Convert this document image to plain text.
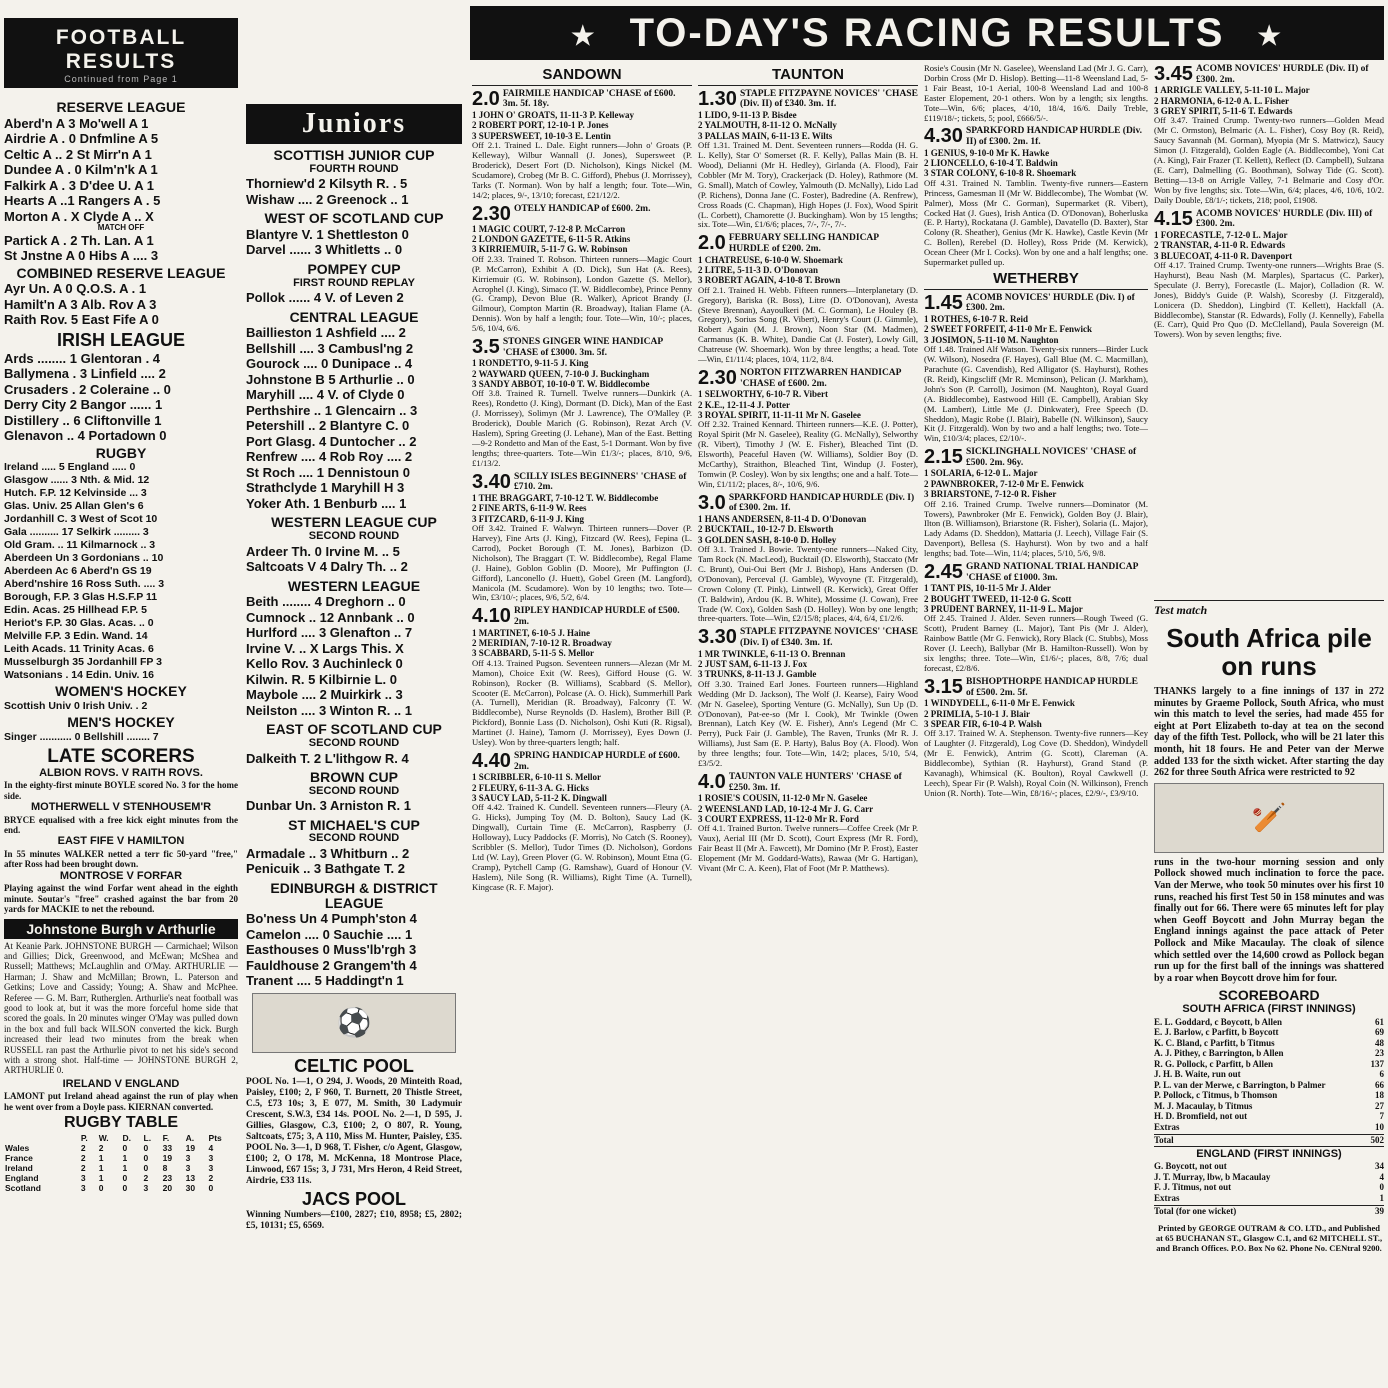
FOOTBALL RESULTS
Continued from Page 1
RESERVE LEAGUE
Aberd'n A 3 Mo'well A 1
Airdrie A . 0 Dnfmline A 5
Celtic A .. 2 St Mirr'n A 1
Dundee A . 0 Kilm'n'k A 1
Falkirk A . 3 D'dee U. A 1
Hearts A ..1 Rangers A . 5
Morton A . X Clyde A .. X
MATCH OFF
Partick A . 2 Th. Lan. A 1
St Jnstne A 0 Hibs A .... 3
COMBINED RESERVE LEAGUE
Ayr Un. A 0 Q.O.S. A . 1
Hamilt'n A 3 Alb. Rov A 3
Raith Rov. 5 East Fife A 0
IRISH LEAGUE
Ards ........ 1 Glentoran . 4
Ballymena . 3 Linfield .... 2
Crusaders . 2 Coleraine .. 0
Derry City 2 Bangor ...... 1
Distillery .. 6 Cliftonville 1
Glenavon .. 4 Portadown 0
RUGBY
Ireland ..... 5 England ..... 0
Glasgow ...... 3 Nth. & Mid. 12
Hutch. F.P. 12 Kelvinside ... 3
Glas. Univ. 25 Allan Glen's 6
Jordanhill C. 3 West of Scot 10
Gala .......... 17 Selkirk ......... 3
Old Gram. .. 11 Kilmarnock .. 3
Aberdeen Un 3 Gordonians .. 10
Aberdeen Ac 6 Aberd'n GS 19
Aberd'nshire 16 Ross Suth. .... 3
Borough, F.P. 3 Glas H.S.F.P 11
Edin. Acas. 25 Hillhead F.P. 5
Heriot's F.P. 30 Glas. Acas. .. 0
Melville F.P. 3 Edin. Wand. 14
Leith Acads. 11 Trinity Acas. 6
Musselburgh 35 Jordanhill FP 3
Watsonians . 14 Edin. Univ. 16
WOMEN'S HOCKEY
Scottish Univ 0 Irish Univ. . 2
MEN'S HOCKEY
Singer ........... 0 Bellshill ........ 7
LATE SCORERS
ALBION ROVS. V RAITH ROVS.
In the eighty-first minute BOYLE scored No. 3 for the home side.
MOTHERWELL V STENHOUSEM'R
BRYCE equalised with a free kick eight minutes from the end.
EAST FIFE V HAMILTON
In 55 minutes WALKER netted a terr fic 50-yard "free," after Ross had been brought down.
MONTROSE V FORFAR
Playing against the wind Forfar went ahead in the eighth minute. Soutar's "free" crashed against the bar from 20 yards for MACKIE to net the rebound.
Johnstone Burgh v Arthurlie
At Keanie Park. JOHNSTONE BURGH — Carmichael; Wilson and Gillies; Dick, Greenwood, and McEwan; McShea and Russell; Matthews; McLaughlin and O'May. ARTHURLIE — Harman; J. Shaw and McMillan; Brown, L. Paterson and Getkins; Love and Cassidy; Young; A. Shaw and McPhee. Referee — G. M. Barr, Rutherglen. Arthurlie's neat football was good to look at, but it was the more forceful home side that scored the goals. In 20 minutes winger O'May was pulled down in the box and full back WILSON converted the kick. Burgh increased their lead two minutes from the break when RUSSELL ran past the Arthurlie pivot to net his side's second with a strong shot. Half-time — JOHNSTONE BURGH 2, ARTHURLIE 0.
IRELAND V ENGLAND
LAMONT put Ireland ahead against the run of play when he went over from a Doyle pass. KIERNAN converted.
RUGBY TABLE
	P.	W.	D.	L.	F.	A.	Pts
Wales	2	2	0	0	33	19	4
France	2	1	1	0	19	3	3
Ireland	2	1	1	0	8	3	3
England	3	1	0	2	23	13	2
Scotland	3	0	0	3	20	30	0
Juniors
SCOTTISH JUNIOR CUP
FOURTH ROUND
Thorniew'd 2 Kilsyth R. . 5
Wishaw .... 2 Greenock .. 1
WEST OF SCOTLAND CUP
Blantyre V. 1 Shettleston 0
Darvel ...... 3 Whitletts .. 0
POMPEY CUP
FIRST ROUND REPLAY
Pollok ...... 4 V. of Leven 2
CENTRAL LEAGUE
Baillieston 1 Ashfield .... 2
Bellshill .... 3 Cambusl'ng 2
Gourock .... 0 Dunipace .. 4
Johnstone B 5 Arthurlie .. 0
Maryhill .... 4 V. of Clyde 0
Perthshire .. 1 Glencairn .. 3
Petershill .. 2 Blantyre C. 0
Port Glasg. 4 Duntocher .. 2
Renfrew .... 4 Rob Roy .... 2
St Roch .... 1 Dennistoun 0
Strathclyde 1 Maryhill H 3
Yoker Ath. 1 Benburb .... 1
WESTERN LEAGUE CUP
SECOND ROUND
Ardeer Th. 0 Irvine M. .. 5
Saltcoats V 4 Dalry Th. .. 2
WESTERN LEAGUE
Beith ........ 4 Dreghorn .. 0
Cumnock .. 12 Annbank .. 0
Hurlford .... 3 Glenafton .. 7
Irvine V. .. X Largs This. X
Kello Rov. 3 Auchinleck 0
Kilwin. R. 5 Kilbirnie L. 0
Maybole .... 2 Muirkirk .. 3
Neilston .... 3 Winton R. .. 1
EAST OF SCOTLAND CUP
SECOND ROUND
Dalkeith T. 2 L'lithgow R. 4
BROWN CUP
SECOND ROUND
Dunbar Un. 3 Arniston R. 1
ST MICHAEL'S CUP
SECOND ROUND
Armadale .. 3 Whitburn .. 2
Penicuik .. 3 Bathgate T. 2
EDINBURGH & DISTRICT LEAGUE
Bo'ness Un 4 Pumph'ston 4
Camelon .... 0 Sauchie .... 1
Easthouses 0 Muss'lb'rgh 3
Fauldhouse 2 Grangem'th 4
Tranent .... 5 Haddingt'n 1
⚽
CELTIC POOL
POOL No. 1—1, O 294, J. Woods, 20 Minteith Road, Paisley, £100; 2, F 960, T. Burnett, 20 Thistle Street, C.5, £73 10s; 3, E 077, M. Smith, 30 Ladymuir Crescent, S.W.3, £34 14s. POOL No. 2—1, D 595, J. Gillies, Glasgow, C.3, £100; 2, O 807, R. Young, Saltcoats, £75; 3, A 110, Miss M. Hunter, Paisley, £35. POOL No. 3—1, D 968, T. Fisher, c/o Agent, Glasgow, £100; 2, O 178, M. McKenna, 18 Montrose Place, Linwood, £67 15s; 3, J 731, Mrs Heron, 4 Reid Street, Airdrie, £33 11s.
JACS POOL
Winning Numbers—£100, 2827; £10, 8958; £5, 2802; £5, 10131; £5, 6569.
★ TO-DAY'S RACING RESULTS ★
SANDOWN
2.0 FAIRMILE HANDICAP 'CHASE of £600. 3m. 5f. 18y.
1 JOHN O' GROATS, 11-11-3 P. Kelleway
2 ROBERT PORT, 12-10-1 P. Jones
3 SUPERSWEET, 10-10-3 E. Lentin
Off 2.1. Trained L. Dale. Eight runners—John o' Groats (P. Kelleway), Wilbur Wannall (J. Jones), Supersweet (P. Broderick), Desert Fort (D. Nicholson), Kings Nickel (M. Scudamore), Crobeg (Mr B. C. Gifford), Phebus (J. Morrissey), Tarks (T. Norman). Won by half a length; four. Tote—Win, 14/2; places, 9/-, 13/10; forecast, £21/12/2.
2.30 OTELY HANDICAP of £600. 2m.
1 MAGIC COURT, 7-12-8 P. McCarron
2 LONDON GAZETTE, 6-11-5 R. Atkins
3 KIRRIEMUIR, 5-11-7 G. W. Robinson
Off 2.33. Trained T. Robson. Thirteen runners—Magic Court (P. McCarron), Exhibit A (D. Dick), Sun Hat (A. Rees), Kirriemuir (G. W. Robinson), London Gazette (S. Mellor), Acrophel (J. King), Simaco (T. W. Biddlecombe), Prince Penny (G. Cramp), Devon Blue (R. Walker), Apricot Brandy (J. Gilmour), Compton Martin (R. Broadway), Italian Flame (A. Dennis). Won by half a length; four. Tote—Win, 10/-; places, 5/6, 10/4, 6/6.
3.5 STONES GINGER WINE HANDICAP 'CHASE of £3000. 3m. 5f.
1 RONDETTO, 9-11-5 J. King
2 WAYWARD QUEEN, 7-10-0 J. Buckingham
3 SANDY ABBOT, 10-10-0 T. W. Biddlecombe
Off 3.8. Trained R. Turnell. Twelve runners—Dunkirk (A. Rees), Rondetto (J. King), Dormant (D. Dick), Man of the East (J. Morrissey), Solimyn (Mr J. Lawrence), The O'Malley (P. Broderick), Double Marich (G. Robinson), Rezat Arch (V. Haslem), Spring Greeting (J. Lehane), Man of the East. Betting—9-2 Rondetto and Man of the East, 5-1 Dormant. Won by five lengths; three-quarters. Tote—Win £1/3/-; places, 8/10, 9/6, £1/13/2.
3.40 SCILLY ISLES BEGINNERS' 'CHASE of £710. 2m.
1 THE BRAGGART, 7-10-12 T. W. Biddlecombe
2 FINE ARTS, 6-11-9 W. Rees
3 FITZCARD, 6-11-9 J. King
Off 3.42. Trained F. Walwyn. Thirteen runners—Dover (P. Harvey), Fine Arts (J. King), Fitzcard (W. Rees), Fepina (L. Carrod), Pocket Borough (T. M. Jones), Barbizon (D. Nicholson), The Braggart (T. W. Biddlecombe), Regal Flame (J. Haine), Goblon Goblin (D. Moore), Mr Puffington (J. Gifford), Lanconello (J. Huett), Gobel Green (M. Langford), Manicola (M. Scudamore). Won by 10 lengths; two. Tote—Win, £3/10/-; places, 9/6, 5/2, 6/4.
4.10 RIPLEY HANDICAP HURDLE of £500. 2m.
1 MARTINET, 6-10-5 J. Haine
2 MERIDIAN, 7-10-12 R. Broadway
3 SCABBARD, 5-11-5 S. Mellor
Off 4.13. Trained Pugson. Seventeen runners—Alezan (Mr M. Mamon), Choice Exit (W. Rees), Gifford House (G. W. Robinson), Rocker (B. Williams), Scabbard (S. Mellor), Scooter (E. McCarron), Polcase (A. O. Hick), Summerhill Park (A. Turnell), Meridian (R. Broadway), Falconry (T. W. Biddlecombe), Nurse Reynolds (D. Haslem), Brother Bill (P. Pickford), Bonnie Lass (D. Nicholson), Oshi Kuti (R. Rigsal), Martinet (J. Haine), Tamorn (J. Morrissey), Eyes Down (J. Usley). Won by three-quarters length; half.
4.40 SPRING HANDICAP HURDLE of £600. 2m.
1 SCRIBBLER, 6-10-11 S. Mellor
2 FLEURY, 6-11-3 A. G. Hicks
3 SAUCY LAD, 5-11-2 K. Dingwall
Off 4.42. Trained K. Cundell. Seventeen runners—Fleury (A. G. Hicks), Jumping Toy (M. D. Bolton), Saucy Lad (K. Dingwall), Curtain Time (E. McCarron), Raspberry (J. Holloway), Lucy Paddocks (F. Morris), No Catch (S. Rooney), Scribbler (S. Mellor), Tudor Times (D. Nicholson), Gordons Ltd (W. Lay), Green Plover (G. W. Robinson), Mount Etna (G. Cramp), Pytchell Camp (G. Ramshaw), Guard of Honour (V. Haslem), Nile Song (R. Williams), Right Time (A. Turnell), Kingcase (R. F. Major).
TAUNTON
1.30 STAPLE FITZPAYNE NOVICES' 'CHASE (Div. II) of £340. 3m. 1f.
1 LIDO, 9-11-13 P. Bisdee
2 YALMOUTH, 8-11-12 O. McNally
3 PALLAS MAIN, 6-11-13 E. Wilts
Off 1.31. Trained M. Dent. Seventeen runners—Rodda (H. G. L. Kelly), Star O' Somerset (R. F. Kelly), Pallas Main (B. H. Wood), Delianni (Mr H. Hedley), Girlanda (A. Flood), Fair Cobbler (Mr M. Tory), Crackerjack (D. Holey), Rathmore (M. G. Small), Match of Cowley, Yalmouth (D. McNally), Lido Lad (P. Richens), Donna Jane (C. Foster), Badredine (A. Renfrew), Cross Roads (C. Chapman), High Hopes (J. Fox), Wood Spirit (L. Corbett), Chamorette (J. Buckingham). Won by 15 lengths; six. Tote—Win, £1/6/6; places, 7/-, 7/-, 7/-.
2.0 FEBRUARY SELLING HANDICAP HURDLE of £200. 2m.
1 CHATREUSE, 6-10-0 W. Shoemark
2 LITRE, 5-11-3 D. O'Donovan
3 ROBERT AGAIN, 4-10-8 T. Brown
Off 2.1. Trained H. Webb. Fifteen runners—Interplanetary (D. Gregory), Bariska (R. Boss), Litre (D. O'Donovan), Avesta (Steve Brennan), Aayoulkeri (M. C. Gorman), Le Houley (B. Gregory), Sorius Song (R. Vibert), Henry's Court (J. Gimmle), Robert Again (M. J. Brown), Noon Star (M. Madmen), Carmanus (K. B. White), Dandie Cat (J. Foster), Lowly Gill, Chatreuse (W. Shoemark). Won by three lengths; a head. Tote—Win, £1/11/4; places, 10/4, 11/2, 8/4.
2.30 NORTON FITZWARREN HANDICAP 'CHASE of £600. 2m.
1 SELWORTHY, 6-10-7 R. Vibert
2 K.E., 12-11-4 J. Potter
3 ROYAL SPIRIT, 11-11-11 Mr N. Gaselee
Off 2.32. Trained Kennard. Thirteen runners—K.E. (J. Potter), Royal Spirit (Mr N. Gaselee), Reality (G. McNally), Selworthy (R. Vibert), Timothy J (W. E. Fisher), Bleached Tint (D. Elsworth), Peaceful Haven (W. Williams), Soldier Boy (D. McCarthy), Straithon, Bleached Tint, Windup (J. Foster), Tomwin (P. Cosley). Won by six lengths; one and a half. Tote—Win, £1/11/2; places, 8/-, 10/6, 9/6.
3.0 SPARKFORD HANDICAP HURDLE (Div. I) of £300. 2m. 1f.
1 HANS ANDERSEN, 8-11-4 D. O'Donovan
2 BUCKTAIL, 10-12-7 D. Elsworth
3 GOLDEN SASH, 8-10-0 D. Holley
Off 3.1. Trained J. Bowie. Twenty-one runners—Naked City, Tam Rock (N. MacLeod), Bucktail (D. Elsworth), Staccato (Mr C. Brunt), Oui-Oui Bert (Mr J. Bishop), Hans Andersen (D. O'Donovan), Perceval (J. Gamble), Wyvoyne (T. Fitzgerald), Crown Colony (T. Pink), Lintwell (R. Kerwick), Great Offer (T. Baldwin), Ardou (K. B. White), Mossime (J. Cowan), Free Trade (W. Cox), Golden Sash (D. Holley). Won by one length; three-quarters. Tote—Win, £2/15/8; places, 4/4, 6/4, £1/2/6.
3.30 STAPLE FITZPAYNE NOVICES' 'CHASE (Div. I) of £340. 3m. 1f.
1 MR TWINKLE, 6-11-13 O. Brennan
2 JUST SAM, 6-11-13 J. Fox
3 TRUNKS, 8-11-13 J. Gamble
Off 3.30. Trained Earl Jones. Fourteen runners—Highland Wedding (Mr D. Jackson), The Wolf (J. Kearse), Fairy Wood (Mr N. Gaselee), Sporting Venture (G. McNally), Sun Up (D. O'Donovan), Pat-ee-so (Mr I. Cook), Mr Twinkle (Owen Brennan), Latch Key (W. E. Fisher), Ann's Legend (Mr C. Perry), Puck Fair (J. Gamble), The Raven, Trunks (Mr R. J. Williams), Just Sam (E. P. Harty), Balus Boy (A. Flood). Won by three lengths; four. Tote—Win, 14/2; places, 5/10, 5/4, £3/5/2.
4.0 TAUNTON VALE HUNTERS' 'CHASE of £250. 3m. 1f.
1 ROSIE'S COUSIN, 11-12-0 Mr N. Gaselee
2 WEENSLAND LAD, 10-12-4 Mr J. G. Carr
3 COURT EXPRESS, 11-12-0 Mr R. Ford
Off 4.1. Trained Burton. Twelve runners—Coffee Creek (Mr P. Vaux), Aerial III (Mr D. Scott), Court Express (Mr R. Ford), Fair Beast II (Mr A. Fawcett), Mr Domino (Mr P. Frost), Easter Elopement (Mr M. Goddard-Watts), Rawaa (Mr G. Hartigan), Vivant (Mr C. A. Keen), Flat of Foot (Mr P. Matthews).
Rosie's Cousin (Mr N. Gaselee), Weensland Lad (Mr J. G. Carr), Dorbin Cross (Mr D. Hislop). Betting—11-8 Weensland Lad, 5-1 Fair Beast, 10-1 Aerial, 100-8 Weensland Lad and 100-8 Easter Elopement, 20-1 others. Won by a length; six lengths. Tote—Win, 6/6; places, 4/10, 18/4, 16/6. Daily Treble, £119/18/-; tickets, 5; pool, £666/5/-.
4.30 SPARKFORD HANDICAP HURDLE (Div. II) of £300. 2m. 1f.
1 GENIUS, 9-10-0 Mr K. Hawke
2 LIONCELLO, 6-10-4 T. Baldwin
3 STAR COLONY, 6-10-8 R. Shoemark
Off 4.31. Trained N. Tamblin. Twenty-five runners—Eastern Princess, Gamesman II (Mr W. Biddlecombe), The Wombat (W. Palmer), Moss (Mr C. Gorman), Supermarket (R. Vibert), Cocked Hat (J. Gues), Irish Antica (D. O'Donovan), Boherluska (E. P. Harty), Rockatana (J. Gamble), Davatello (D. Baxter), Star Colony (R. Sheather), Genius (Mr K. Hawke), Castle Kevin (Mr C. Bollen), Rerebel (D. Holley), Ross Pride (M. Kerwick), Ocean Cheer (Mr I. Cocks). Won by one and a half lengths; one. Supermarket pulled up.
WETHERBY
1.45 ACOMB NOVICES' HURDLE (Div. I) of £300. 2m.
1 ROTHES, 6-10-7 R. Reid
2 SWEET FORFEIT, 4-11-0 Mr E. Fenwick
3 JOSIMON, 5-11-10 M. Naughton
Off 1.48. Trained Alf Watson. Twenty-six runners—Birder Luck (W. Wilson), Nosedra (F. Hayes), Gall Blue (M. C. Macmillan), Parachute (G. Cavendish), Red Alligator (S. Hayhurst), Rothes (R. Reid), Kingscliff (Mr R. Mcminson), Pelican (J. Markham), John's Son (P. Carroll), Josimon (M. Naughton), Royal Guard (A. Biddlecombe), Eastwood Hill (E. Campbell), Arabian Sky (M. Lambert), Little Me (J. Dinkwater), Free Speech (D. Sheddon), Magic Robe (J. Blair), Babelle (N. Wilkinson), Saucy Kit (J. Fitzgerald). Won by two and a half lengths; two. Tote—Win, £10/3/4; places, £2/10/-.
2.15 SICKLINGHALL NOVICES' 'CHASE of £500. 2m. 96y.
1 SOLARIA, 6-12-0 L. Major
2 PAWNBROKER, 7-12-0 Mr E. Fenwick
3 BRIARSTONE, 7-12-0 R. Fisher
Off 2.16. Trained Crump. Twelve runners—Dominator (M. Towers), Pawnbroker (Mr E. Fenwick), Golden Boy (J. Blair), Ilton (B. Williamson), Briarstone (R. Fisher), Solaria (L. Major), Lady Adams (D. Sheddon), Mattaria (J. Leech), Village Fair (S. Davenport), Bellesa (S. Hayhurst). Won by two and a half lengths; bad. Tote—Win, 11/4; places, 5/10, 5/6, 9/8.
2.45 GRAND NATIONAL TRIAL HANDICAP 'CHASE of £1000. 3m.
1 TANT PIS, 10-11-5 Mr J. Alder
2 BOUGHT TWEED, 11-12-0 G. Scott
3 PRUDENT BARNEY, 11-11-9 L. Major
Off 2.45. Trained J. Alder. Seven runners—Rough Tweed (G. Scott), Prudent Barney (L. Major), Tant Pis (Mr J. Alder), Rainbow Battle (Mr G. Fenwick), Rory Black (C. Stubbs), Moss Rover (J. Leech), Ballybar (Mr B. Hamilton-Russell). Won by six lengths; three. Tote—Win, £1/6/-; places, 8/8, 7/6; dual forecast, £2/8/6.
3.15 BISHOPTHORPE HANDICAP HURDLE of £500. 2m. 5f.
1 WINDYDELL, 6-11-0 Mr E. Fenwick
2 PRIMLIA, 5-10-1 J. Blair
3 SPEAR FIR, 6-10-4 P. Walsh
Off 3.17. Trained W. A. Stephenson. Twenty-five runners—Key of Laughter (J. Fitzgerald), Log Cove (D. Sheddon), Windydell (Mr E. Fenwick), Antrim (G. Scott), Clareman (A. Biddlecombe), Sythian (R. Hayhurst), Grand Stand (P. Kavanagh), Whimsical (K. Boulton), Royal Cawkwell (J. Leech), Spear Fir (P. Walsh), Royal Coin (N. Wilkinson), French Union (R. North). Tote—Win, £8/16/-; places, £2/9/-, £3/9/10.
3.45 ACOMB NOVICES' HURDLE (Div. II) of £300. 2m.
1 ARRIGLE VALLEY, 5-11-10 L. Major
2 HARMONIA, 6-12-0 A. L. Fisher
3 GREY SPIRIT, 5-11-6 T. Edwards
Off 3.47. Trained Crump. Twenty-two runners—Golden Mead (Mr C. Ormston), Belmaric (A. L. Fisher), Cosy Boy (R. Reid), Saucy Savannah (M. Gorman), Myopia (Mr S. Mattwicz), Saucy Simon (J. Fitzgerald), Golden Eagle (A. Biddlecombe), Yoni Cat (A. King), Fair Frazer (T. Kellett), Reflect (D. Campbell), Sulzana (E. Carr), Dalmelling (G. Boothman), Solway Tide (G. Scott). Betting—13-8 on Arrigle Valley, 7-1 Belmarie and Cosy d'Or. Won by five lengths; six. Tote—Win, 6/4; places, 4/6, 10/6, 10/2. Daily Double, £8/1/-; tickets, 218; pool, £1908.
4.15 ACOMB NOVICES' HURDLE (Div. III) of £300. 2m.
1 FORECASTLE, 7-12-0 L. Major
2 TRANSTAR, 4-11-0 R. Edwards
3 BLUECOAT, 4-11-0 R. Davenport
Off 4.17. Trained Crump. Twenty-one runners—Wrights Brae (S. Hayhurst), Beau Nash (M. Marples), Spartacus (C. Parker), Speculate (J. Berry), Forecastle (L. Major), Colladion (R. W. Jones), Biddy's Guide (P. Walsh), Scoresby (J. Fitzgerald), Lonicera (D. Sheddon), Lingbird (T. Kellett), Hackfall (A. Biddlecombe), Stanstar (R. Edwards), Folly (J. Kennelly), Fabella (E. Carr), Quid Pro Quo (D. McClelland), Paula Sovereign (M. Towers). Won by seven lengths; five.
Test match
South Africa pile on runs
THANKS largely to a fine innings of 137 in 272 minutes by Graeme Pollock, South Africa, who must win this match to level the series, had made 455 for eight at Port Elizabeth to-day at tea on the second day of the fifth Test. Pollock, who will be 21 later this month, hit 18 fours. He and Peter van der Merwe added 133 for the sixth wicket. After starting the day 262 for three South Africa were restricted to 92
🏏
runs in the two-hour morning session and only Pollock showed much inclination to force the pace. Van der Merwe, who took 50 minutes over his first 10 runs, reached his first Test 50 in 158 minutes and was finally out for 66. There were 65 minutes left for play when Geoff Boycott and John Murray began the England innings against the pace attack of Peter Pollock and Mike Macaulay. The cloak of silence which settled over the 14,600 crowd as Pollock began run up for the first ball of the innings was shattered by a roar when Boycott drove him for four.
SCOREBOARD
SOUTH AFRICA (FIRST INNINGS)
E. L. Goddard, c Boycott, b Allen	61
E. J. Barlow, c Parfitt, b Boycott	69
K. C. Bland, c Parfitt, b Titmus	48
A. J. Pithey, c Barrington, b Allen	23
R. G. Pollock, c Parfitt, b Allen	137
J. H. B. Waite, run out	6
P. L. van der Merwe, c Barrington, b Palmer	66
P. Pollock, c Titmus, b Thomson	18
M. J. Macaulay, b Titmus	27
H. D. Bromfield, not out	7
Extras	10
Total	502
ENGLAND (FIRST INNINGS)
G. Boycott, not out	34
J. T. Murray, lbw, b Macaulay	4
F. J. Titmus, not out	0
Extras	1
Total (for one wicket)	39
Printed by GEORGE OUTRAM & CO. LTD., and Published at 65 BUCHANAN ST., Glasgow C.1, and 62 MITCHELL ST., and Branch Offices. P.O. Box No 62. Phone No. CENtral 9200.
